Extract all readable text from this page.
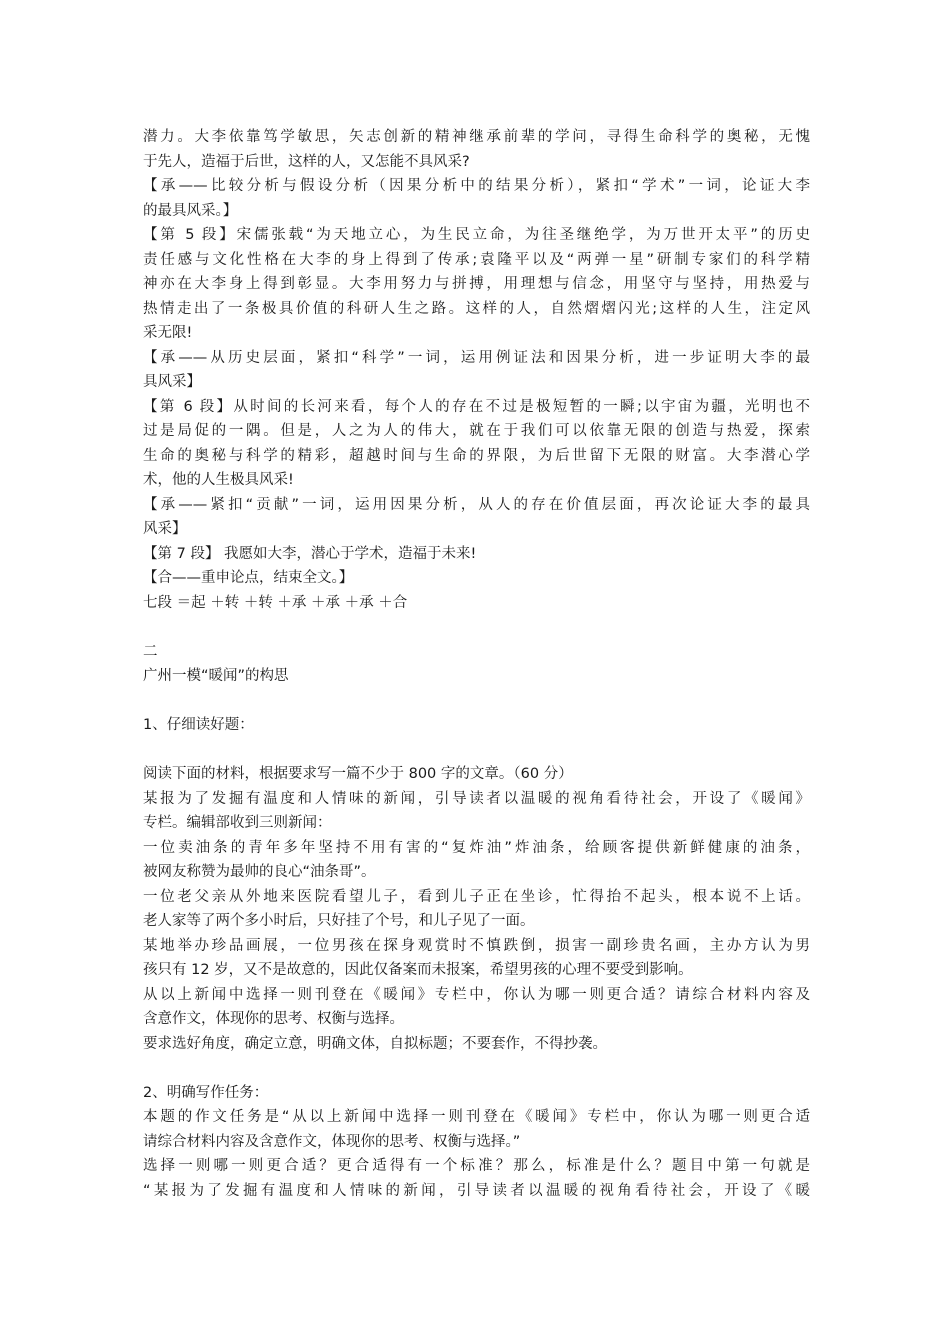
潜力。大李依靠笃学敏思，矢志创新的精神继承前辈的学问，寻得生命科学的奥秘，无愧
于先人，造福于后世，这样的人，又怎能不具风采?
【承——比较分析与假设分析（因果分析中的结果分析），紧扣“学术”一词，论证大李
的最具风采。】
【第 5 段】宋儒张载“为天地立心，为生民立命，为往圣继绝学，为万世开太平”的历史
责任感与文化性格在大李的身上得到了传承;袁隆平以及“两弹一星”研制专家们的科学精
神亦在大李身上得到彰显。大李用努力与拼搏，用理想与信念，用坚守与坚持，用热爱与
热情走出了一条极具价值的科研人生之路。这样的人，自然熠熠闪光;这样的人生，注定风
采无限!
【承——从历史层面，紧扣“科学”一词，运用例证法和因果分析，进一步证明大李的最
具风采】
【第 6 段】从时间的长河来看，每个人的存在不过是极短暂的一瞬;以宇宙为疆，光明也不
过是局促的一隅。但是，人之为人的伟大，就在于我们可以依靠无限的创造与热爱，探索
生命的奥秘与科学的精彩，超越时间与生命的界限，为后世留下无限的财富。大李潜心学
术，他的人生极具风采!
【承——紧扣“贡献”一词，运用因果分析，从人的存在价值层面，再次论证大李的最具
风采】
【第 7 段】 我愿如大李，潜心于学术，造福于未来!
【合——重申论点，结束全文。】
七段 ＝起 ＋转 ＋转 ＋承 ＋承 ＋承 ＋合
二
广州一模“暖闻”的构思
1、仔细读好题：
阅读下面的材料，根据要求写一篇不少于 800 字的文章。（60 分）
某报为了发掘有温度和人情味的新闻，引导读者以温暖的视角看待社会，开设了《暖闻》
专栏。编辑部收到三则新闻：
一位卖油条的青年多年坚持不用有害的“复炸油”炸油条，给顾客提供新鲜健康的油条，
被网友称赞为最帅的良心“油条哥”。
一位老父亲从外地来医院看望儿子，看到儿子正在坐诊，忙得抬不起头，根本说不上话。
老人家等了两个多小时后，只好挂了个号，和儿子见了一面。
某地举办珍品画展，一位男孩在探身观赏时不慎跌倒，损害一副珍贵名画，主办方认为男
孩只有 12 岁，又不是故意的，因此仅备案而未报案，希望男孩的心理不要受到影响。
从以上新闻中选择一则刊登在《暖闻》专栏中，你认为哪一则更合适？请综合材料内容及
含意作文，体现你的思考、权衡与选择。
要求选好角度，确定立意，明确文体，自拟标题；不要套作，不得抄袭。
2、明确写作任务：
本题的作文任务是“从以上新闻中选择一则刊登在《暖闻》专栏中，你认为哪一则更合适
请综合材料内容及含意作文，体现你的思考、权衡与选择。”
选择一则哪一则更合适？更合适得有一个标准？那么，标准是什么？题目中第一句就是
“某报为了发掘有温度和人情味的新闻，引导读者以温暖的视角看待社会，开设了《暖
